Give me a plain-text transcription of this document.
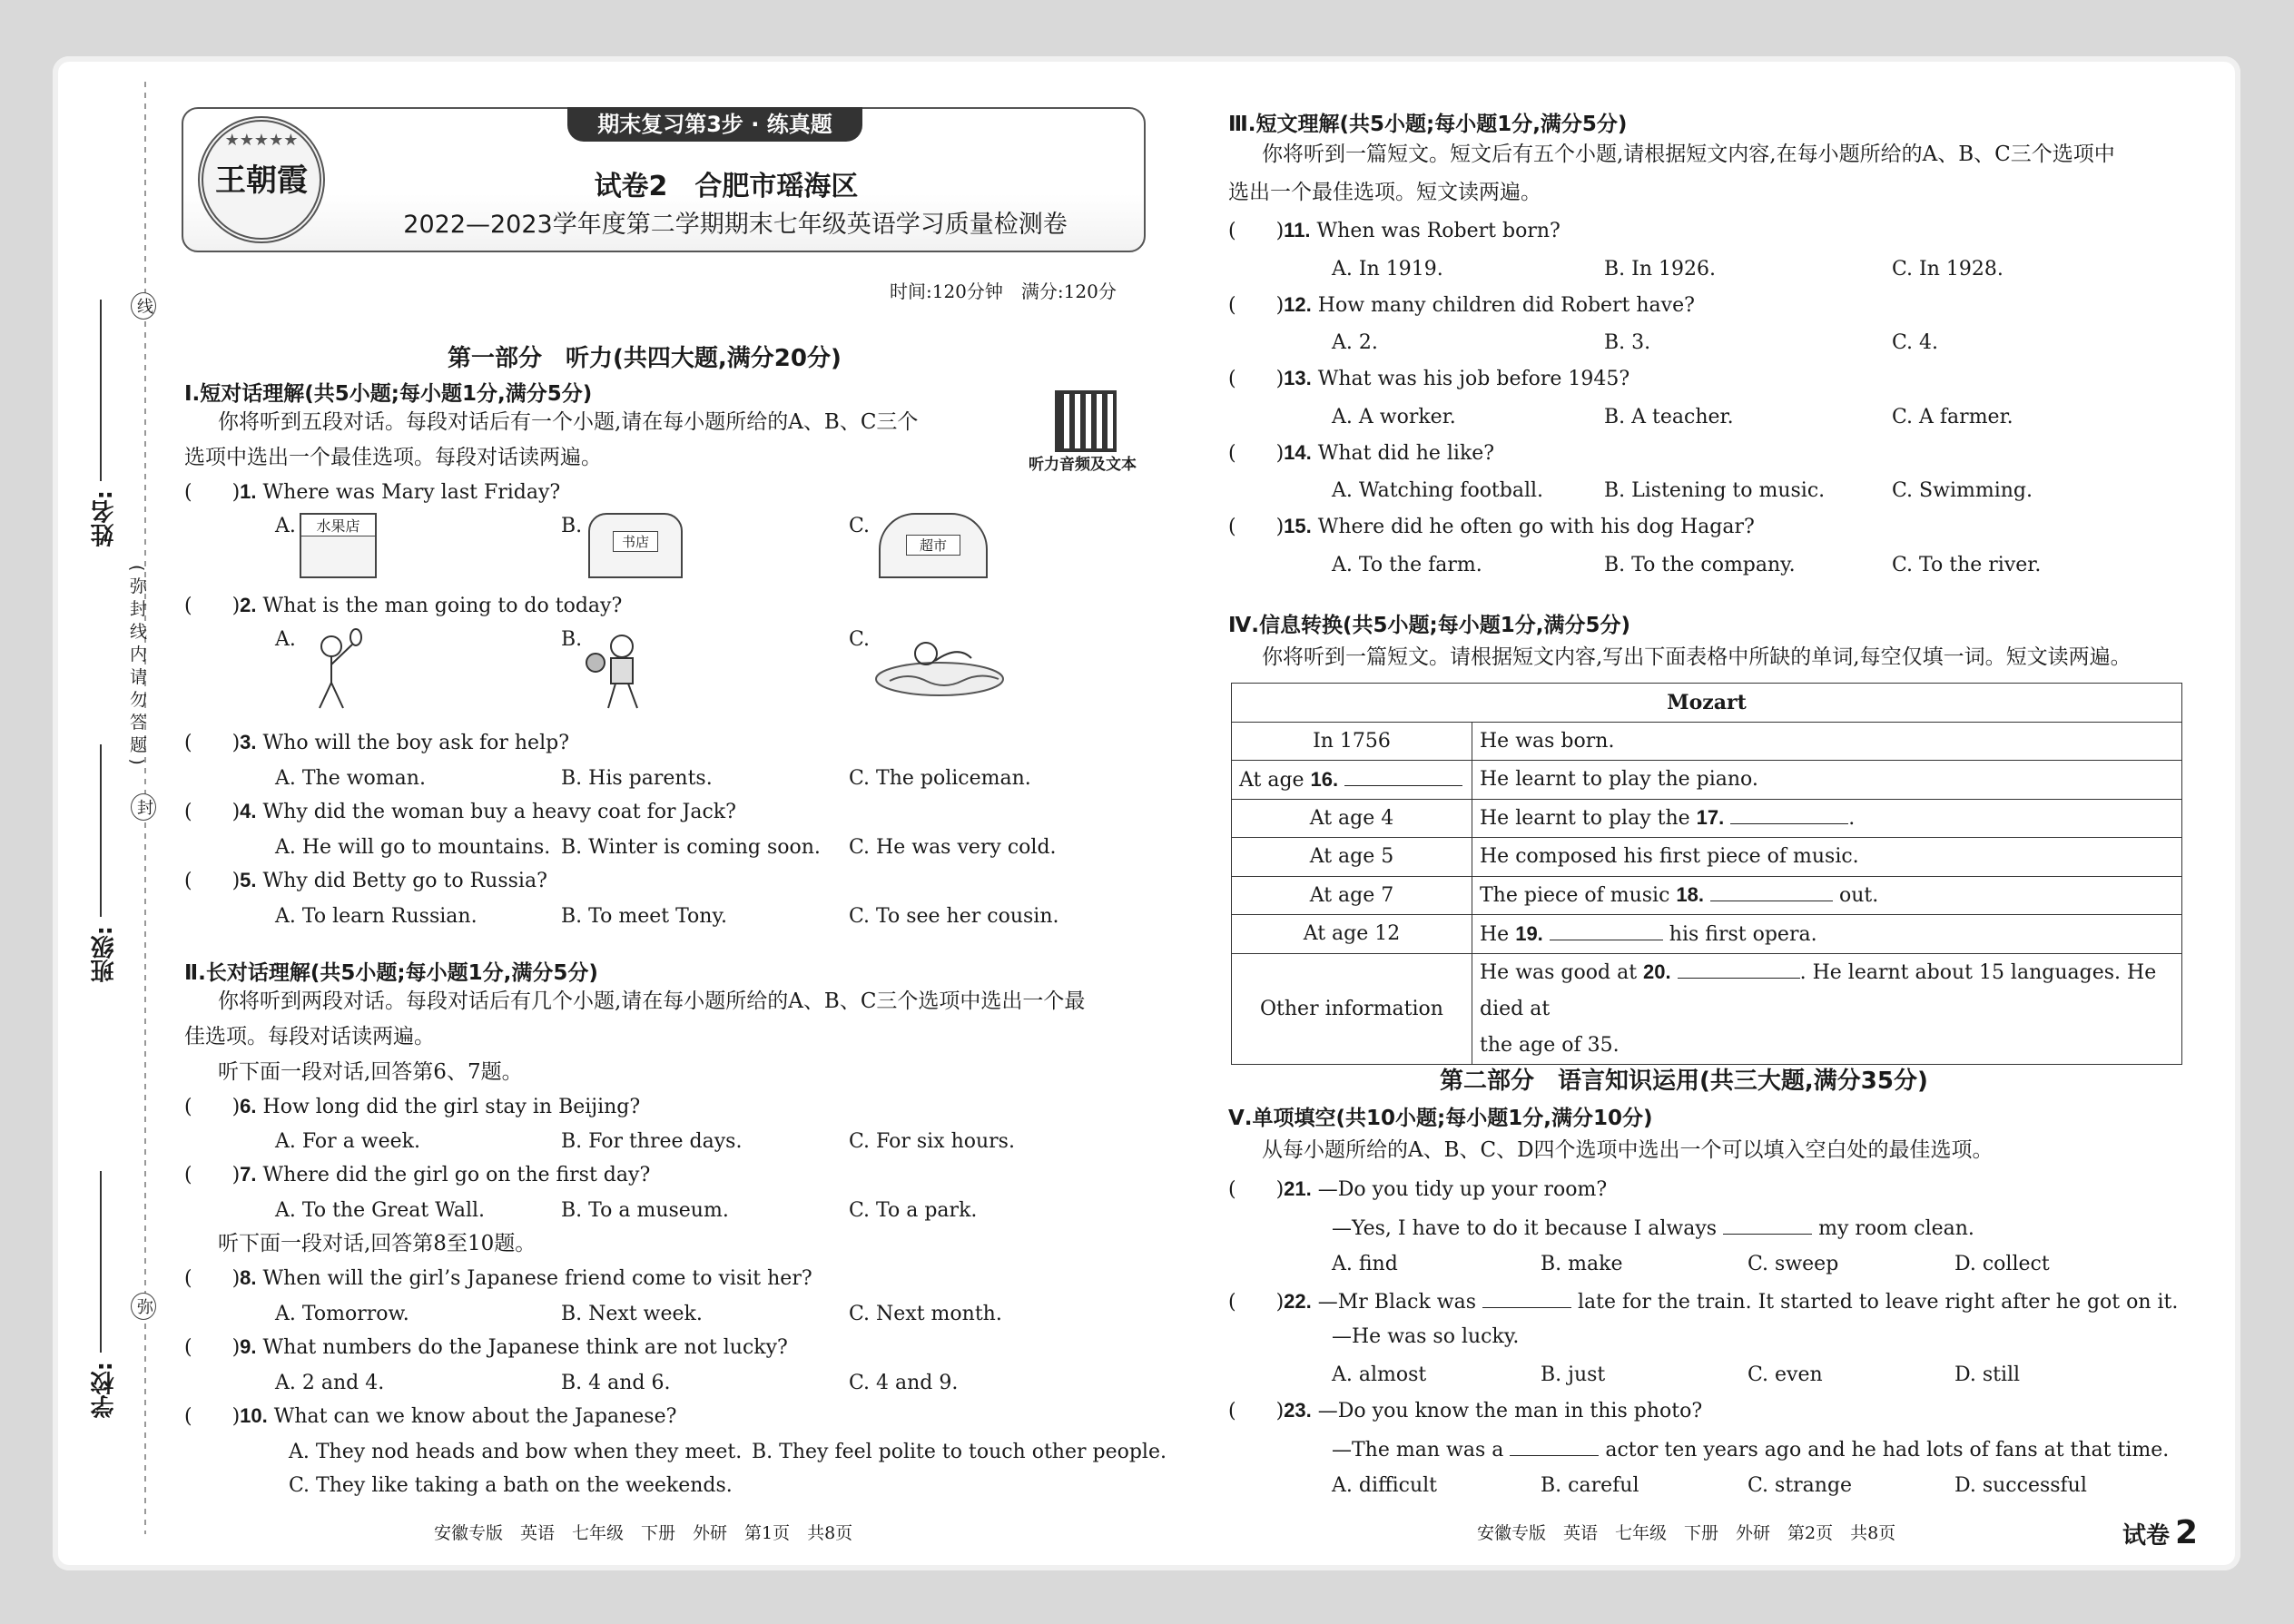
线
封
弥
(弥封线内请勿答题)
姓名:
班级:
学校:
期末复习第3步 · 练真题
★★★★★
王朝霞	试卷2　合肥市瑶海区
2022—2023学年度第二学期期末七年级英语学习质量检测卷
时间:120分钟　满分:120分
听力音频及文本
第一部分　听力(共四大题,满分20分)
Ⅰ.短对话理解(共5小题;每小题1分,满分5分)
你将听到五段对话。每段对话后有一个小题,请在每小题所给的A、B、C三个
选项中选出一个最佳选项。每段对话读两遍。
(　　)1. Where was Mary last Friday?
A.	水果店	B.
书店
C.
超市
(　　)2. What is the man going to do today?
A.	B.	C.
(　　)3. Who will the boy ask for help?
A. The woman.	B. His parents.	C. The policeman.
(　　)4. Why did the woman buy a heavy coat for Jack?
A. He will go to mountains. B. Winter is coming soon. C. He was very cold.
(　　)5. Why did Betty go to Russia?
A. To learn Russian.	B. To meet Tony.	C. To see her cousin.
Ⅱ.长对话理解(共5小题;每小题1分,满分5分)
你将听到两段对话。每段对话后有几个小题,请在每小题所给的A、B、C三个选项中选出一个最
佳选项。每段对话读两遍。
听下面一段对话,回答第6、7题。
(　　)6. How long did the girl stay in Beijing?
A. For a week.	B. For three days.	C. For six hours.
(　　)7. Where did the girl go on the first day?
A. To the Great Wall.	B. To a museum.	C. To a park.
听下面一段对话,回答第8至10题。
(　　)8. When will the girl’s Japanese friend come to visit her?
A. Tomorrow.	B. Next week.	C. Next month.
(　　)9. What numbers do the Japanese think are not lucky?
A. 2 and 4.	B. 4 and 6.	C. 4 and 9.
(　　)10. What can we know about the Japanese?
A. They nod heads and bow when they meet. B. They feel polite to touch other people.
C. They like taking a bath on the weekends.
安徽专版　英语　七年级　下册　外研　第1页　共8页
Ⅲ.短文理解(共5小题;每小题1分,满分5分)
你将听到一篇短文。短文后有五个小题,请根据短文内容,在每小题所给的A、B、C三个选项中
选出一个最佳选项。短文读两遍。
(　　)11. When was Robert born?
A. In 1919.	B. In 1926.	C. In 1928.
(　　)12. How many children did Robert have?
A. 2.	B. 3.	C. 4.
(　　)13. What was his job before 1945?
A. A worker.	B. A teacher.	C. A farmer.
(　　)14. What did he like?
A. Watching football.	B. Listening to music.	C. Swimming.
(　　)15. Where did he often go with his dog Hagar?
A. To the farm.	B. To the company.	C. To the river.
Ⅳ.信息转换(共5小题;每小题1分,满分5分)
你将听到一篇短文。请根据短文内容,写出下面表格中所缺的单词,每空仅填一词。短文读两遍。
Mozart	
In 1756	He was born.
At age 16.	He learnt to play the piano.
At age 4	He learnt to play the 17. .
At age 5	He composed his first piece of music.
At age 7	The piece of music 18. out.
At age 12	He 19. his first opera.
Other information	He was good at 20. . He learnt about 15 languages. He died at
the age of 35.
第二部分　语言知识运用(共三大题,满分35分)
Ⅴ.单项填空(共10小题;每小题1分,满分10分)
从每小题所给的A、B、C、D四个选项中选出一个可以填入空白处的最佳选项。
(　　)21. —Do you tidy up your room?
—Yes, I have to do it because I always	my room clean.
A. find	B. make	C. sweep	D. collect
(　　)22. —Mr Black was	late for the train. It started to leave right after he got on it.
—He was so lucky.
A. almost	B. just	C. even	D. still
(　　)23. —Do you know the man in this photo?
—The man was a	actor ten years ago and he had lots of fans at that time.
A. difficult	B. careful	C. strange	D. successful
安徽专版　英语　七年级　下册　外研　第2页　共8页	试卷 2
